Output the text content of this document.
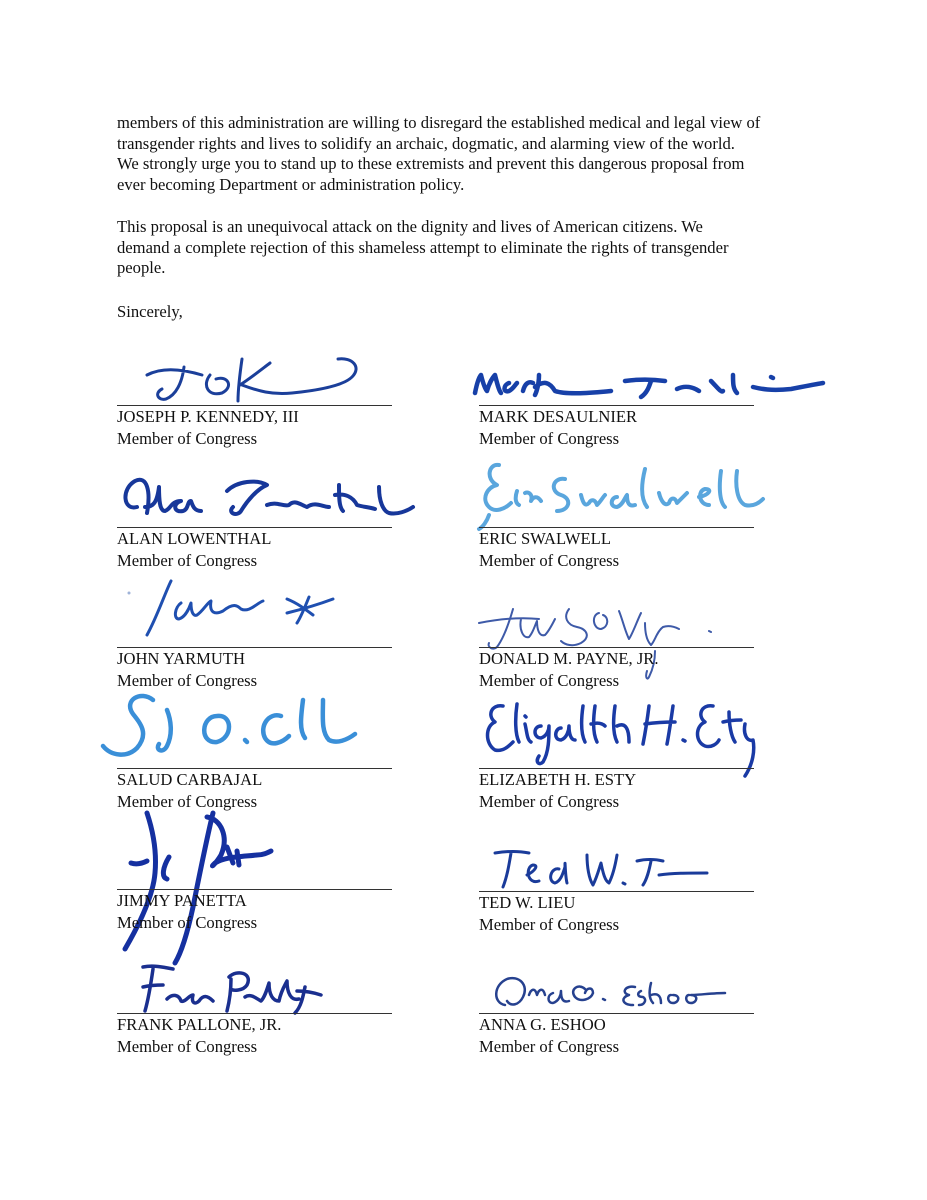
members of this administration are willing to disregard the established medical and legal view of
transgender rights and lives to solidify an archaic, dogmatic, and alarming view of the world.
We strongly urge you to stand up to these extremists and prevent this dangerous proposal from
ever becoming Department or administration policy.

This proposal is an unequivocal attack on the dignity and lives of American citizens. We
demand a complete rejection of this shameless attempt to eliminate the rights of transgender
people.

Sincerely,
JOSEPH P. KENNEDY, III
Member of Congress
ALAN LOWENTHAL
Member of Congress
JOHN YARMUTH
Member of Congress
SALUD CARBAJAL
Member of Congress
JIMMY PANETTA
Member of Congress
FRANK PALLONE, JR.
Member of Congress
MARK DESAULNIER
Member of Congress
ERIC SWALWELL
Member of Congress
DONALD M. PAYNE, JR.
Member of Congress
ELIZABETH H. ESTY
Member of Congress
TED W. LIEU
Member of Congress
ANNA G. ESHOO
Member of Congress
